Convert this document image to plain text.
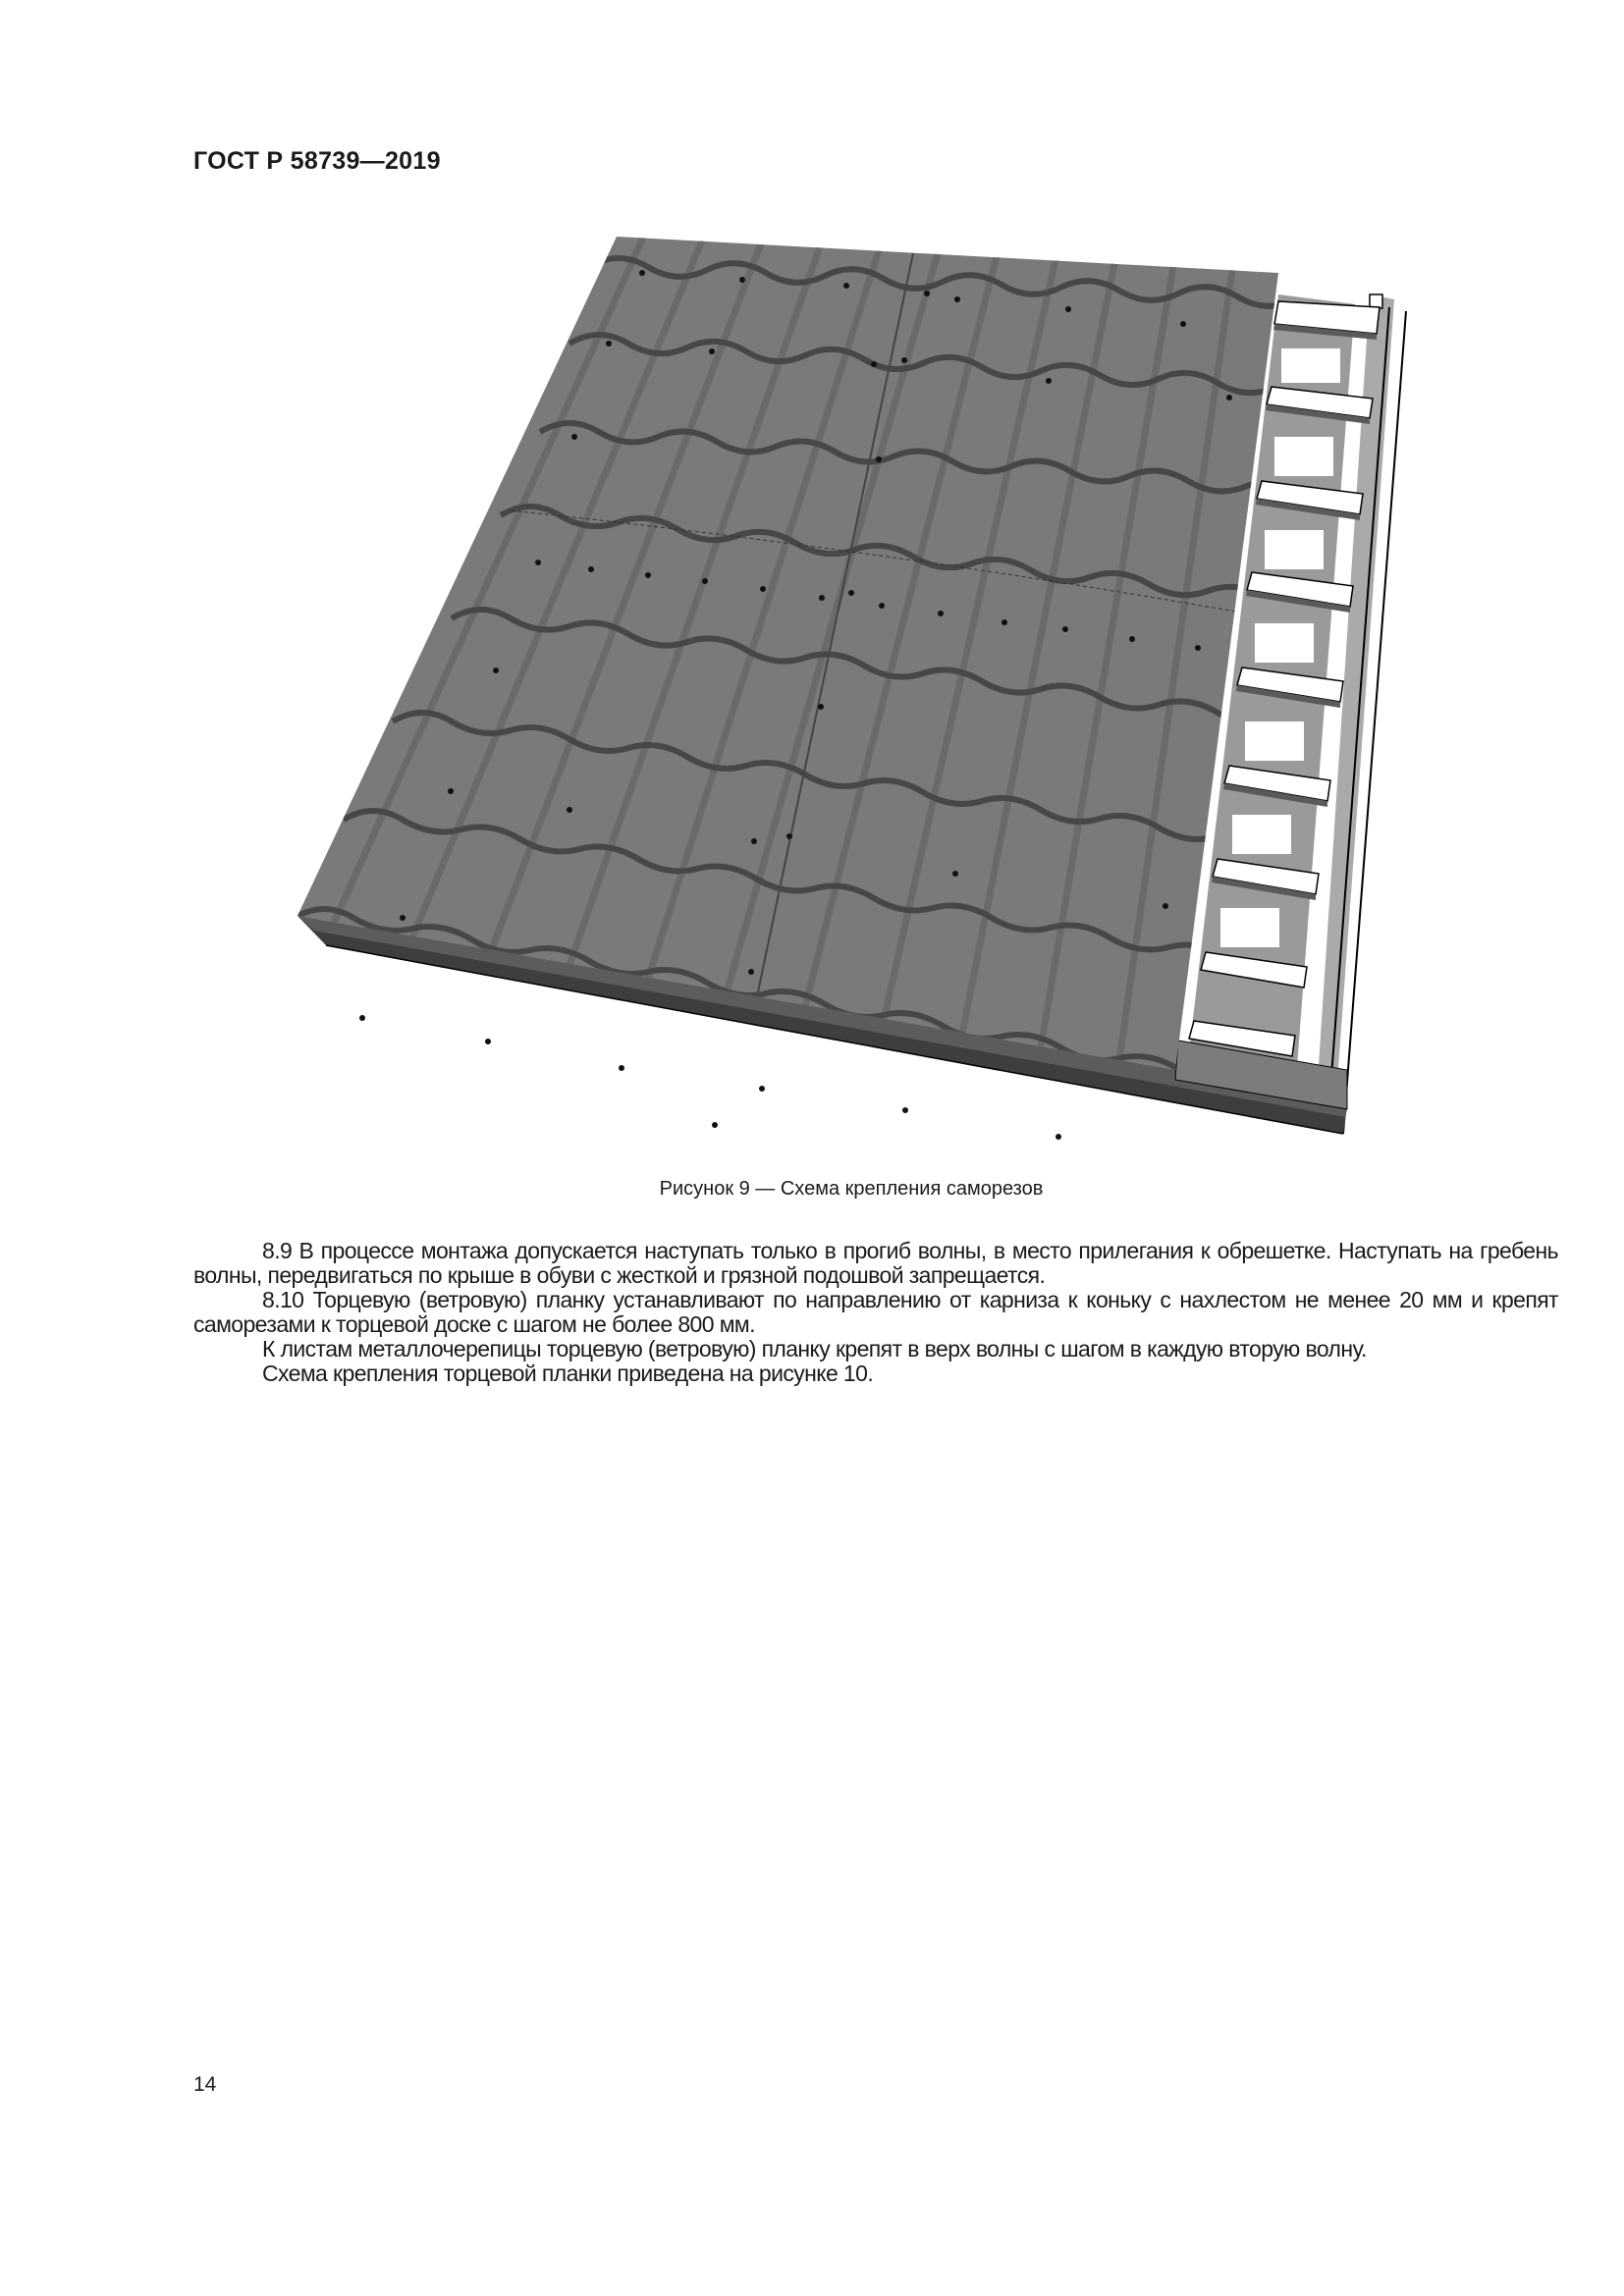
ГОСТ Р 58739—2019
Рисунок 9 — Схема крепления саморезов

8.9 В процессе монтажа допускается наступать только в прогиб волны, в место прилегания к обрешетке. Наступать на гребень волны, передвигаться по крыше в обуви с жесткой и грязной подошвой запрещается.

8.10 Торцевую (ветровую) планку устанавливают по направлению от карниза к коньку с нахлестом не менее 20 мм и крепят саморезами к торцевой доске с шагом не более 800 мм.

К листам металлочерепицы торцевую (ветровую) планку крепят в верх волны с шагом в каждую вторую волну.

Схема крепления торцевой планки приведена на рисунке 10.

14
